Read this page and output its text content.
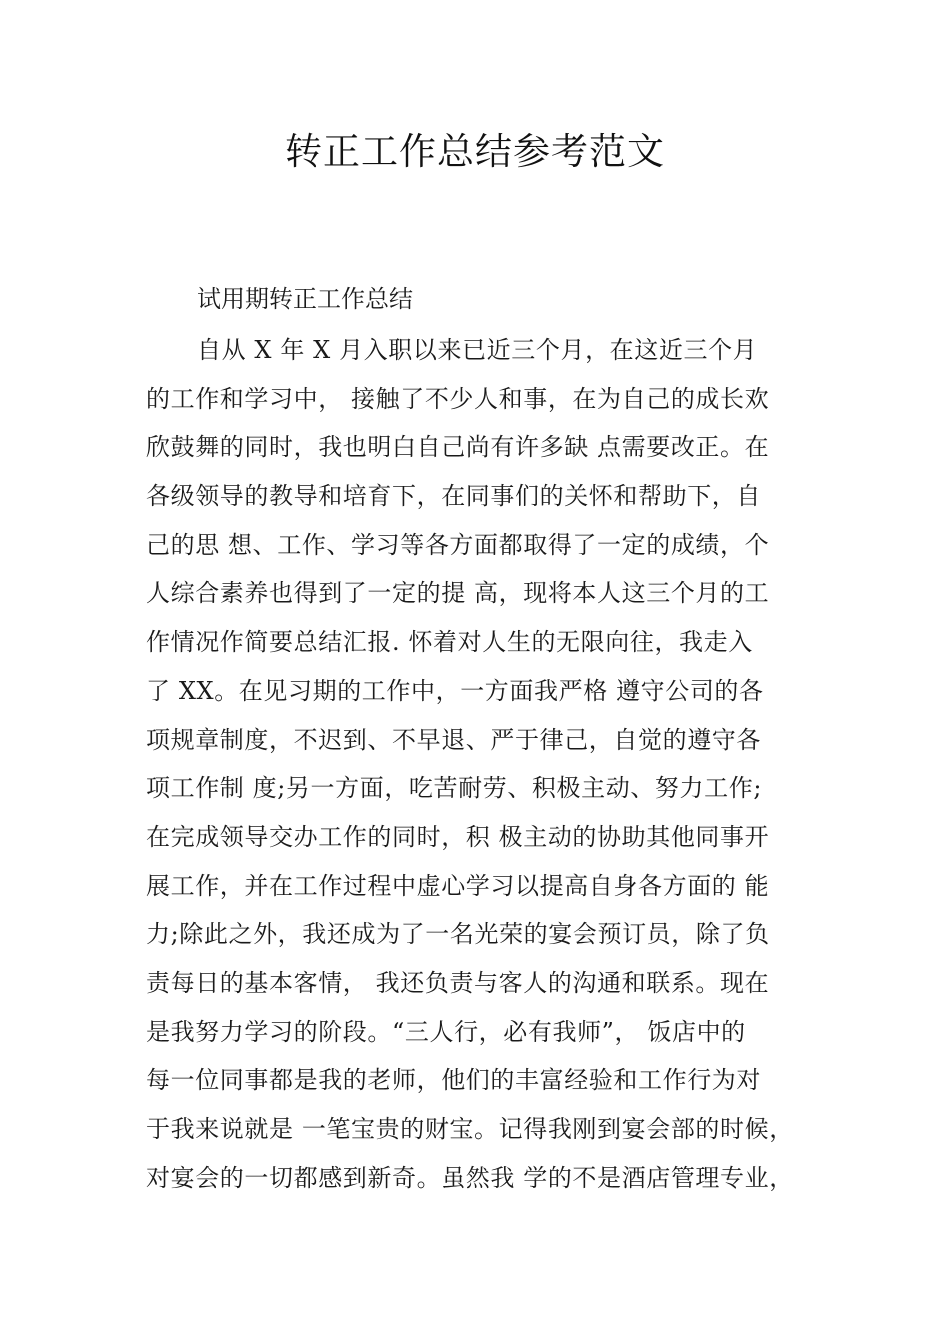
转正工作总结参考范文
试用期转正工作总结
自从 X 年 X 月入职以来已近三个月，在这近三个月
的工作和学习中， 接触了不少人和事，在为自己的成长欢
欣鼓舞的同时，我也明白自己尚有许多缺 点需要改正。在
各级领导的教导和培育下，在同事们的关怀和帮助下，自
己的思 想、工作、学习等各方面都取得了一定的成绩，个
人综合素养也得到了一定的提 高，现将本人这三个月的工
作情况作简要总结汇报. 怀着对人生的无限向往，我走入
了 XX。在见习期的工作中，一方面我严格 遵守公司的各
项规章制度，不迟到、不早退、严于律己，自觉的遵守各
项工作制 度;另一方面，吃苦耐劳、积极主动、努力工作;
在完成领导交办工作的同时，积 极主动的协助其他同事开
展工作，并在工作过程中虚心学习以提高自身各方面的 能
力;除此之外，我还成为了一名光荣的宴会预订员，除了负
责每日的基本客情， 我还负责与客人的沟通和联系。现在
是我努力学习的阶段。“三人行，必有我师”， 饭店中的
每一位同事都是我的老师，他们的丰富经验和工作行为对
于我来说就是 一笔宝贵的财宝。记得我刚到宴会部的时候，
对宴会的一切都感到新奇。虽然我 学的不是酒店管理专业，
